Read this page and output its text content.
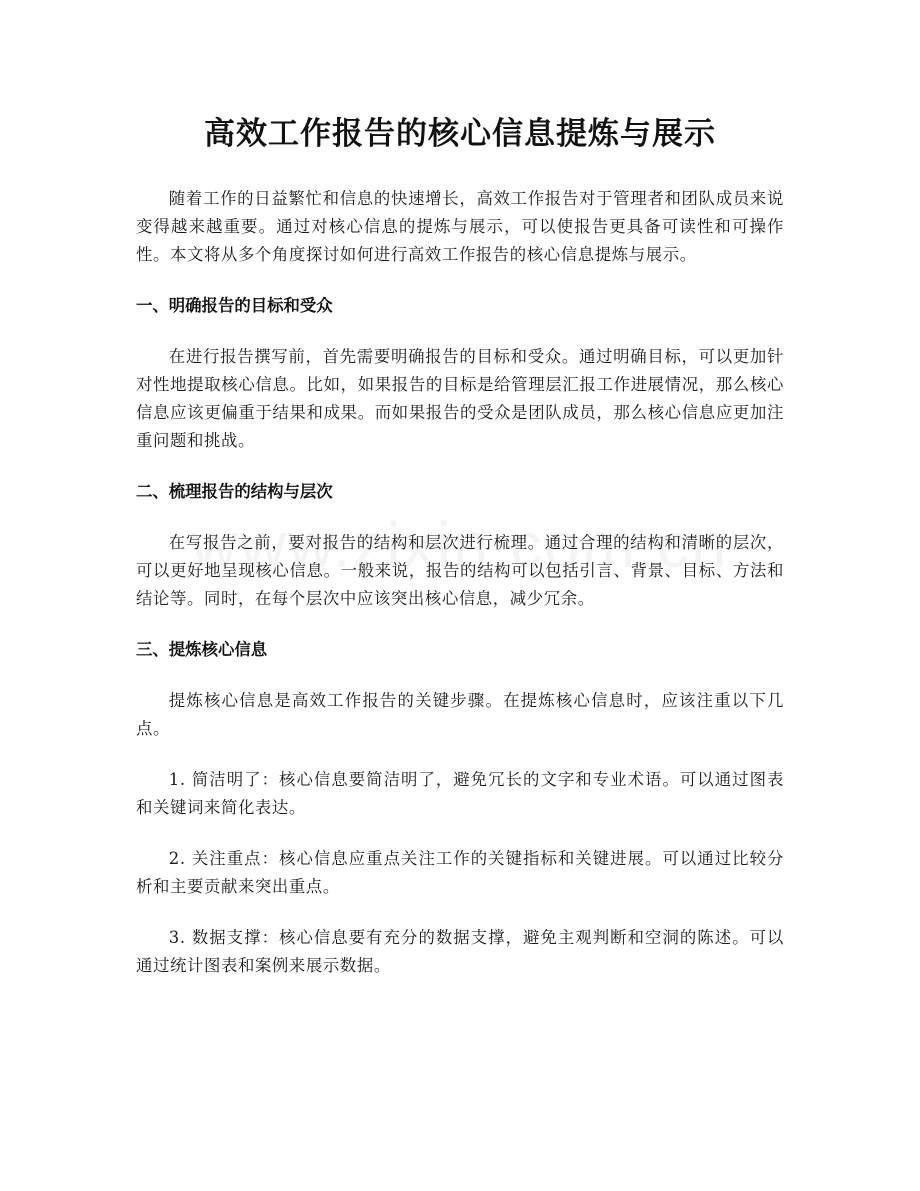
高效工作报告的核心信息提炼与展示

随着工作的日益繁忙和信息的快速增长，高效工作报告对于管理者和团队成员来说变得越来越重要。通过对核心信息的提炼与展示，可以使报告更具备可读性和可操作性。本文将从多个角度探讨如何进行高效工作报告的核心信息提炼与展示。

一、明确报告的目标和受众

在进行报告撰写前，首先需要明确报告的目标和受众。通过明确目标，可以更加针对性地提取核心信息。比如，如果报告的目标是给管理层汇报工作进展情况，那么核心信息应该更偏重于结果和成果。而如果报告的受众是团队成员，那么核心信息应更加注重问题和挑战。

二、梳理报告的结构与层次

在写报告之前，要对报告的结构和层次进行梳理。通过合理的结构和清晰的层次，可以更好地呈现核心信息。一般来说，报告的结构可以包括引言、背景、目标、方法和结论等。同时，在每个层次中应该突出核心信息，减少冗余。

三、提炼核心信息

提炼核心信息是高效工作报告的关键步骤。在提炼核心信息时，应该注重以下几点。

1. 简洁明了：核心信息要简洁明了，避免冗长的文字和专业术语。可以通过图表和关键词来简化表达。

2. 关注重点：核心信息应重点关注工作的关键指标和关键进展。可以通过比较分析和主要贡献来突出重点。

3. 数据支撑：核心信息要有充分的数据支撑，避免主观判断和空洞的陈述。可以通过统计图表和案例来展示数据。
